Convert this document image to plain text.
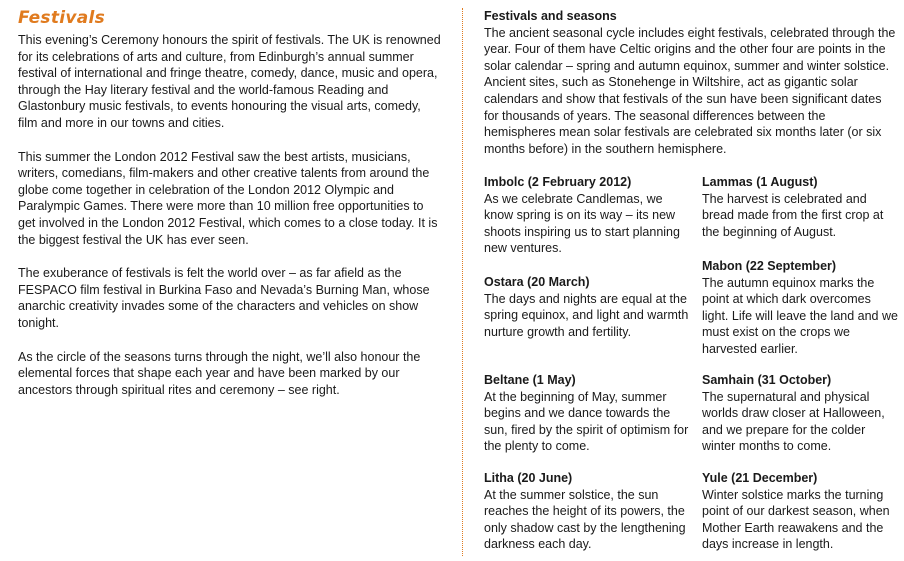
Festivals

This evening’s Ceremony honours the spirit of festivals. The UK is renowned for its celebrations of arts and culture, from Edinburgh’s annual summer festival of international and fringe theatre, comedy, dance, music and opera, through the Hay literary festival and the world-famous Reading and Glastonbury music festivals, to events honouring the visual arts, comedy, film and more in our towns and cities.

This summer the London 2012 Festival saw the best artists, musicians, writers, comedians, film-makers and other creative talents from around the globe come together in celebration of the London 2012 Olympic and Paralympic Games. There were more than 10 million free opportunities to get involved in the London 2012 Festival, which comes to a close today. It is the biggest festival the UK has ever seen.

The exuberance of festivals is felt the world over – as far afield as the FESPACO film festival in Burkina Faso and Nevada’s Burning Man, whose anarchic creativity invades some of the characters and vehicles on show tonight.

As the circle of the seasons turns through the night, we’ll also honour the elemental forces that shape each year and have been marked by our ancestors through spiritual rites and ceremony – see right.

Festivals and seasons

The ancient seasonal cycle includes eight festivals, celebrated through the year. Four of them have Celtic origins and the other four are points in the solar calendar – spring and autumn equinox, summer and winter solstice. Ancient sites, such as Stonehenge in Wiltshire, act as gigantic solar calendars and show that festivals of the sun have been significant dates for thousands of years. The seasonal differences between the hemispheres mean solar festivals are celebrated six months later (or six months before) in the southern hemisphere.

Imbolc (2 February 2012)

As we celebrate Candlemas, we know spring is on its way – its new shoots inspiring us to start planning new ventures.

Ostara (20 March)

The days and nights are equal at the spring equinox, and light and warmth nurture growth and fertility.

Beltane (1 May)

At the beginning of May, summer begins and we dance towards the sun, fired by the spirit of optimism for the plenty to come.

Litha (20 June)

At the summer solstice, the sun reaches the height of its powers, the only shadow cast by the lengthening darkness each day.

Lammas (1 August)

The harvest is celebrated and bread made from the first crop at the beginning of August.

Mabon (22 September)

The autumn equinox marks the point at which dark overcomes light. Life will leave the land and we must exist on the crops we harvested earlier.

Samhain (31 October)

The supernatural and physical worlds draw closer at Halloween, and we prepare for the colder winter months to come.

Yule (21 December)

Winter solstice marks the turning point of our darkest season, when Mother Earth reawakens and the days increase in length.
